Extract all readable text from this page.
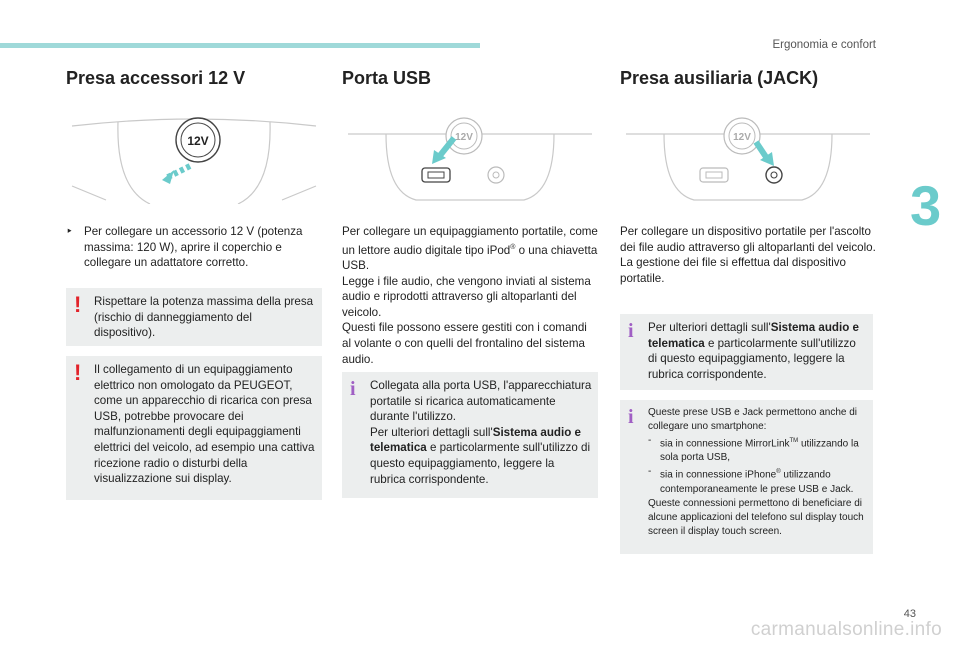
Ergonomia e confort
3
Presa accessori 12 V
12V
‣ Per collegare un accessorio 12 V (potenza massima: 120 W), aprire il coperchio e collegare un adattatore corretto.
! Rispettare la potenza massima della presa (rischio di danneggiamento del dispositivo).
! Il collegamento di un equipaggiamento elettrico non omologato da PEUGEOT, come un apparecchio di ricarica con presa USB, potrebbe provocare dei malfunzionamenti degli equipaggiamenti elettrici del veicolo, ad esempio una cattiva ricezione radio o disturbi della visualizzazione sui display.
Porta USB
12V

Per collegare un equipaggiamento portatile, come un lettore audio digitale tipo iPod® o una chiavetta USB.

Legge i file audio, che vengono inviati al sistema audio e riprodotti attraverso gli altoparlanti del veicolo.

Questi file possono essere gestiti con i comandi al volante o con quelli del frontalino del sistema audio.

i Collegata alla porta USB, l'apparecchiatura portatile si ricarica automaticamente durante l'utilizzo.

Per ulteriori dettagli sull'Sistema audio e telematica e particolarmente sull'utilizzo di questo equipaggiamento, leggere la rubrica corrispondente.

Presa ausiliaria (JACK)
12V

Per collegare un dispositivo portatile per l'ascolto dei file audio attraverso gli altoparlanti del veicolo.

La gestione dei file si effettua dal dispositivo portatile.

i Per ulteriori dettagli sull'Sistema audio e telematica e particolarmente sull'utilizzo di questo equipaggiamento, leggere la rubrica corrispondente.

i Queste prese USB e Jack permettono anche di collegare uno smartphone:

- sia in connessione MirrorLink™ utilizzando la sola porta USB,
- sia in connessione iPhone® utilizzando contemporaneamente le prese USB e Jack.

Queste connessioni permettono di beneficiare di alcune applicazioni del telefono sul display touch screen il display touch screen.

43
carmanualsonline.info
